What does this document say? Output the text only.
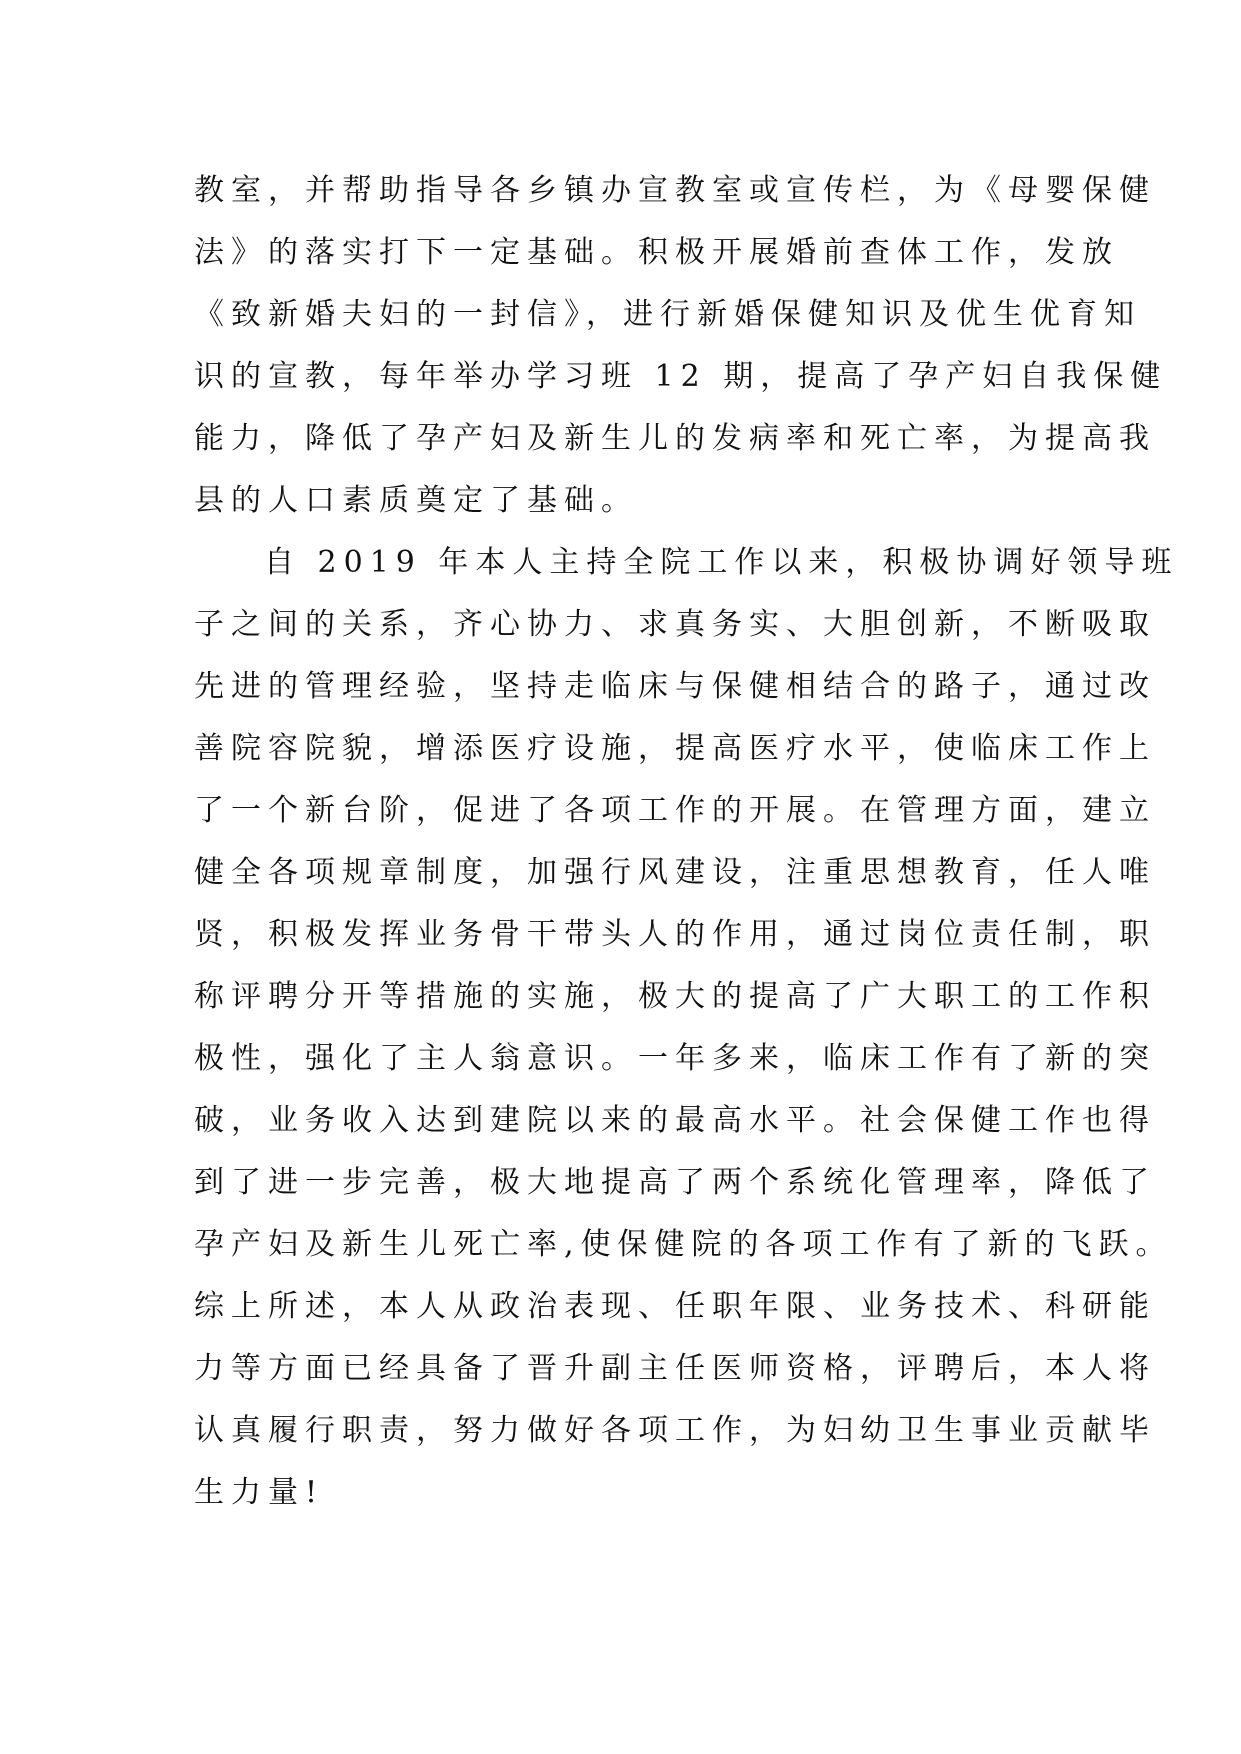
教室，并帮助指导各乡镇办宣教室或宣传栏，为《母婴保健
法》的落实打下一定基础。积极开展婚前查体工作，发放
《致新婚夫妇的一封信》，进行新婚保健知识及优生优育知
识的宣教，每年举办学习班 12 期，提高了孕产妇自我保健
能力，降低了孕产妇及新生儿的发病率和死亡率，为提高我
县的人口素质奠定了基础。
自 2019 年本人主持全院工作以来，积极协调好领导班
子之间的关系，齐心协力、求真务实、大胆创新，不断吸取
先进的管理经验，坚持走临床与保健相结合的路子，通过改
善院容院貌，增添医疗设施，提高医疗水平，使临床工作上
了一个新台阶，促进了各项工作的开展。在管理方面，建立
健全各项规章制度，加强行风建设，注重思想教育，任人唯
贤，积极发挥业务骨干带头人的作用，通过岗位责任制，职
称评聘分开等措施的实施，极大的提高了广大职工的工作积
极性，强化了主人翁意识。一年多来，临床工作有了新的突
破，业务收入达到建院以来的最高水平。社会保健工作也得
到了进一步完善，极大地提高了两个系统化管理率，降低了
孕产妇及新生儿死亡率,使保健院的各项工作有了新的飞跃。
综上所述，本人从政治表现、任职年限、业务技术、科研能
力等方面已经具备了晋升副主任医师资格，评聘后，本人将
认真履行职责，努力做好各项工作，为妇幼卫生事业贡献毕
生力量!
